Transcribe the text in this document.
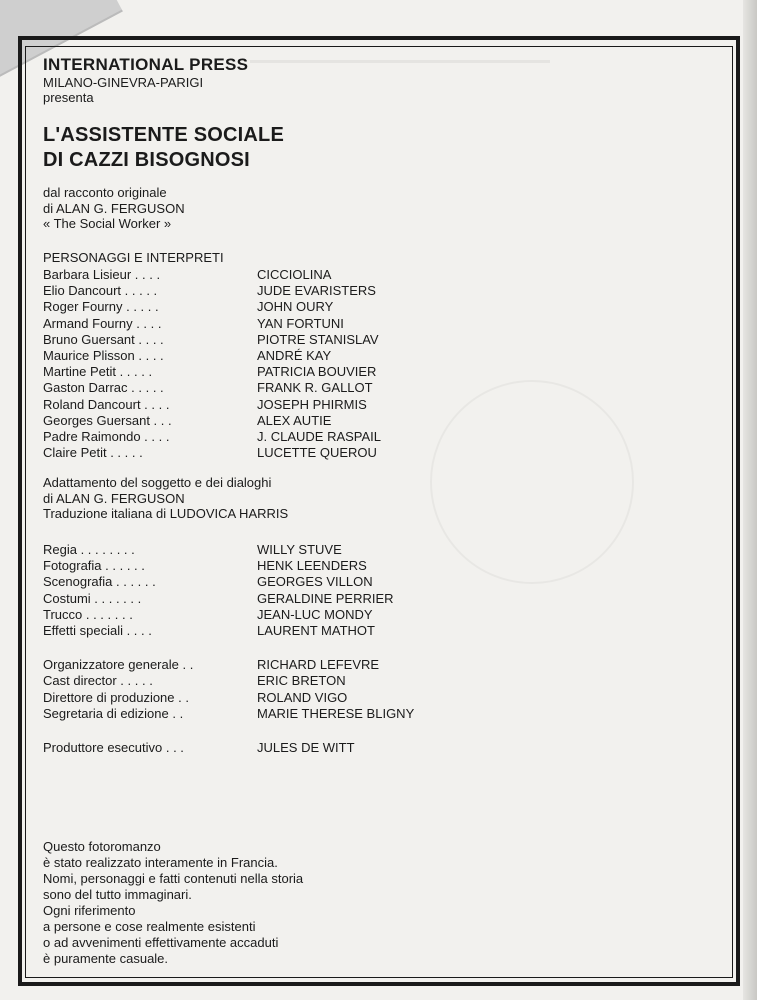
INTERNATIONAL PRESS
MILANO-GINEVRA-PARIGI
presenta
L'ASSISTENTE SOCIALE
DI CAZZI BISOGNOSI
dal racconto originale
di ALAN G. FERGUSON
« The Social Worker »
PERSONAGGI E INTERPRETI
Barbara Lisieur . . . .	CICCIOLINA
Elio Dancourt . . . . .	JUDE EVARISTERS
Roger Fourny . . . . .	JOHN OURY
Armand Fourny . . . .	YAN FORTUNI
Bruno Guersant . . . .	PIOTRE STANISLAV
Maurice Plisson . . . .	ANDRÉ KAY
Martine Petit . . . . .	PATRICIA BOUVIER
Gaston Darrac . . . . .	FRANK R. GALLOT
Roland Dancourt . . . .	JOSEPH PHIRMIS
Georges Guersant . . .	ALEX AUTIE
Padre Raimondo . . . .	J. CLAUDE RASPAIL
Claire Petit . . . . .	LUCETTE QUEROU
Adattamento del soggetto e dei dialoghi
di ALAN G. FERGUSON
Traduzione italiana di LUDOVICA HARRIS
Regia . . . . . . . .	WILLY STUVE
Fotografia . . . . . .	HENK LEENDERS
Scenografia . . . . . .	GEORGES VILLON
Costumi . . . . . . .	GERALDINE PERRIER
Trucco . . . . . . .	JEAN-LUC MONDY
Effetti speciali . . . .	LAURENT MATHOT
Organizzatore generale . .	RICHARD LEFEVRE
Cast director . . . . .	ERIC BRETON
Direttore di produzione . .	ROLAND VIGO
Segretaria di edizione . .	MARIE THERESE BLIGNY
Produttore esecutivo . . .	JULES DE WITT
Questo fotoromanzo
è stato realizzato interamente in Francia.
Nomi, personaggi e fatti contenuti nella storia
sono del tutto immaginari.
Ogni riferimento
a persone e cose realmente esistenti
o ad avvenimenti effettivamente accaduti
è puramente casuale.
